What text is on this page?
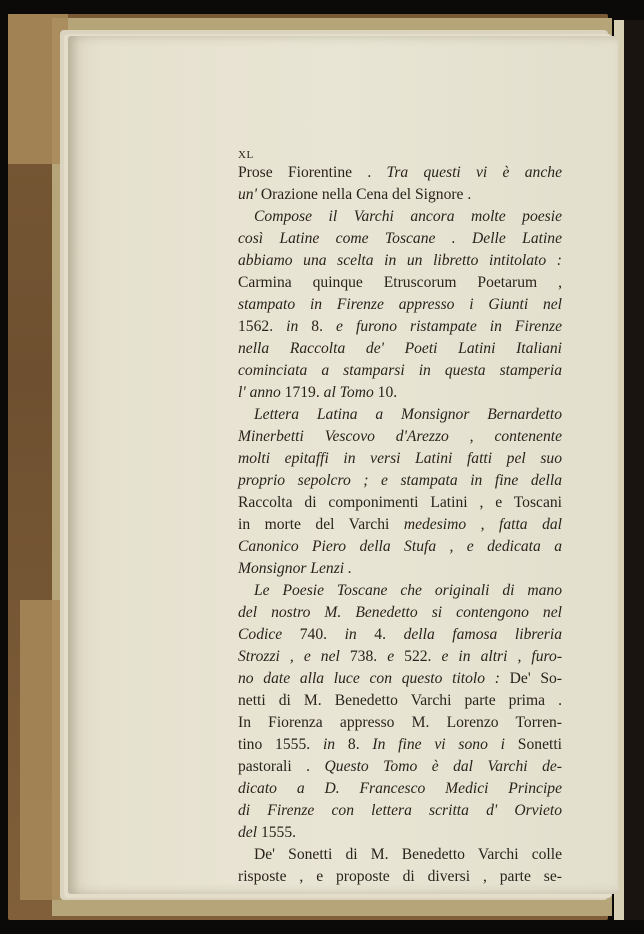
XL
Prose Fiorentine . Tra questi vi è anche
un' Orazione nella Cena del Signore .
Compose il Varchi ancora molte poesie
così Latine come Toscane . Delle Latine
abbiamo una scelta in un libretto intitolato :
Carmina quinque Etruscorum Poetarum ,
stampato in Firenze appresso i Giunti nel
1562. in 8. e furono ristampate in Firenze
nella Raccolta de' Poeti Latini Italiani
cominciata a stamparsi in questa stamperia
l' anno 1719. al Tomo 10.
Lettera Latina a Monsignor Bernardetto
Minerbetti Vescovo d'Arezzo , contenente
molti epitaffi in versi Latini fatti pel suo
proprio sepolcro ; e stampata in fine della
Raccolta di componimenti Latini , e Toscani
in morte del Varchi medesimo , fatta dal
Canonico Piero della Stufa , e dedicata a
Monsignor Lenzi .
Le Poesie Toscane che originali di mano
del nostro M. Benedetto si contengono nel
Codice 740. in 4. della famosa libreria
Strozzi , e nel 738. e 522. e in altri , furo-
no date alla luce con questo titolo : De' So-
netti di M. Benedetto Varchi parte prima .
In Fiorenza appresso M. Lorenzo Torren-
tino 1555. in 8. In fine vi sono i Sonetti
pastorali . Questo Tomo è dal Varchi de-
dicato a D. Francesco Medici Principe
di Firenze con lettera scritta d' Orvieto
del 1555.
De' Sonetti di M. Benedetto Varchi colle
risposte , e proposte di diversi , parte se-
